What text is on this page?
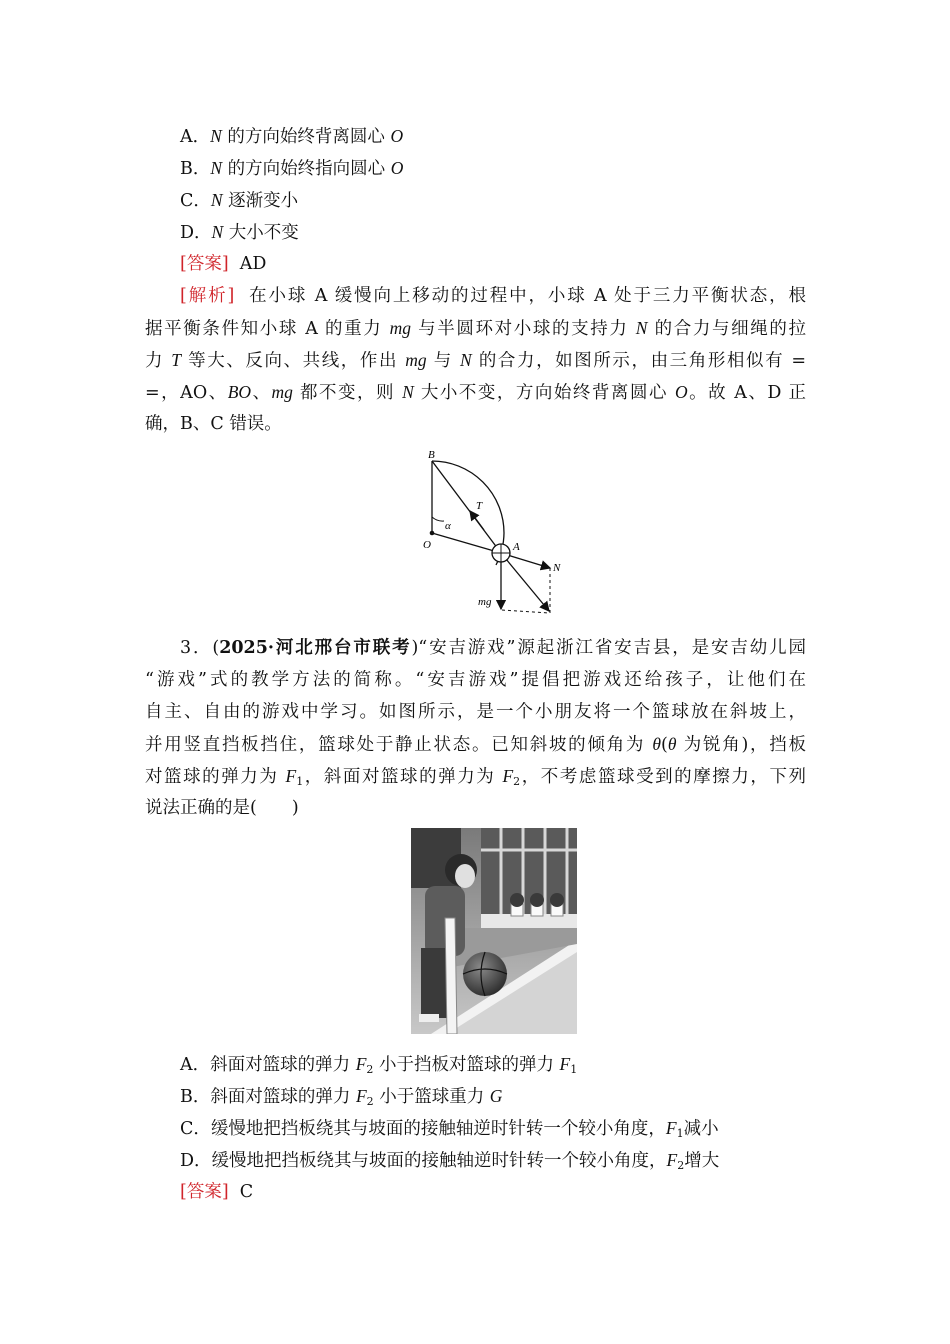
A．N 的方向始终背离圆心 O
B．N 的方向始终指向圆心 O
C．N 逐渐变小
D．N 大小不变
[答案] AD
[解析] 在小球 A 缓慢向上移动的过程中，小球 A 处于三力平衡状态，根
据平衡条件知小球 A 的重力 mg 与半圆环对小球的支持力 N 的合力与细绳的拉
力 T 等大、反向、共线，作出 mg 与 N 的合力，如图所示，由三角形相似有 =
=，AO、BO、mg 都不变，则 N 大小不变，方向始终背离圆心 O。故 A、D 正
确，B、C 错误。
B
T
α
O	A
N
mg
3．(2025·河北邢台市联考)“安吉游戏”源起浙江省安吉县，是安吉幼儿园
“游戏”式的教学方法的简称。“安吉游戏”提倡把游戏还给孩子，让他们在
自主、自由的游戏中学习。如图所示，是一个小朋友将一个篮球放在斜坡上，
并用竖直挡板挡住，篮球处于静止状态。已知斜坡的倾角为 θ(θ 为锐角)，挡板
对篮球的弹力为 $F_1$，斜面对篮球的弹力为 $F_2$，不考虑篮球受到的摩擦力，下列
说法正确的是(　　)
A．斜面对篮球的弹力 $F_2$ 小于挡板对篮球的弹力 $F_1$
B．斜面对篮球的弹力 $F_2$ 小于篮球重力 G
C．缓慢地把挡板绕其与坡面的接触轴逆时针转一个较小角度，$F_1$减小
D．缓慢地把挡板绕其与坡面的接触轴逆时针转一个较小角度，$F_2$增大
[答案] C
